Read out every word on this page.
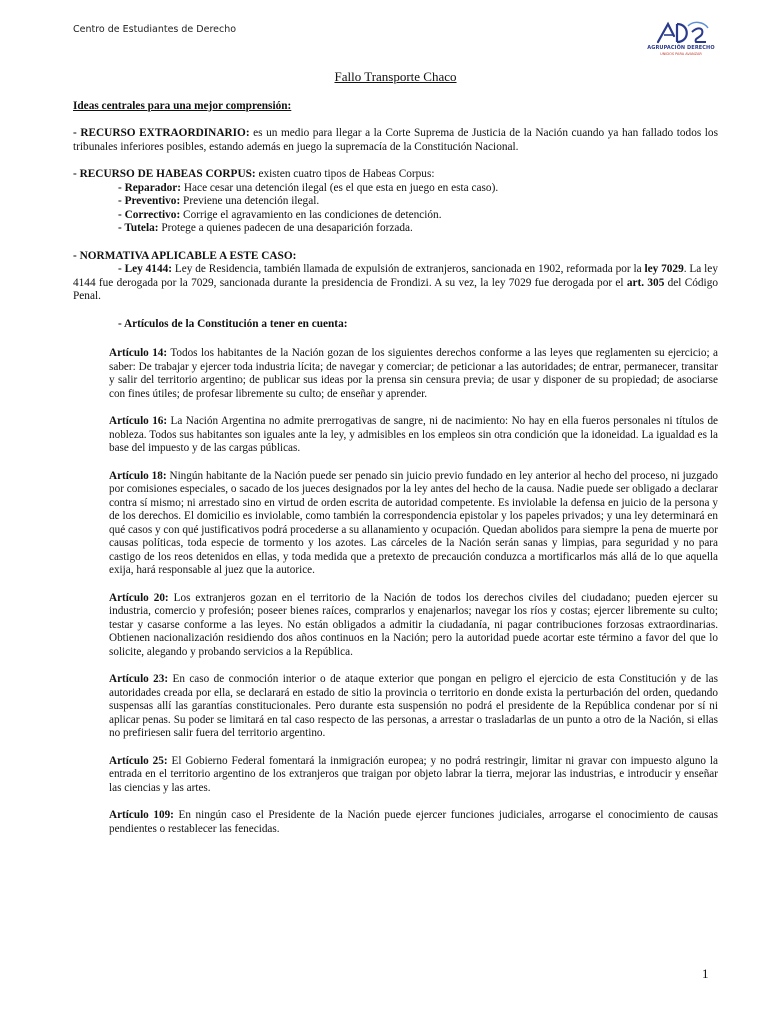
Centro de Estudiantes de Derecho
AGRUPACIÓN DERECHO
UNIDOS PARA AVANZAR
Fallo Transporte Chaco
Ideas centrales para una mejor comprensión:
- RECURSO EXTRAORDINARIO: es un medio para llegar a la Corte Suprema de Justicia de la Nación cuando ya han fallado todos los tribunales inferiores posibles, estando además en juego la supremacía de la Constitución Nacional.
- RECURSO DE HABEAS CORPUS: existen cuatro tipos de Habeas Corpus:
- Reparador: Hace cesar una detención ilegal (es el que esta en juego en esta caso).
- Preventivo: Previene una detención ilegal.
- Correctivo: Corrige el agravamiento en las condiciones de detención.
- Tutela: Protege a quienes padecen de una desaparición forzada.
- NORMATIVA APLICABLE A ESTE CASO:
- Ley 4144: Ley de Residencia, también llamada de expulsión de extranjeros, sancionada en 1902, reformada por la ley 7029. La ley 4144 fue derogada por la 7029, sancionada durante la presidencia de Frondizi. A su vez, la ley 7029 fue derogada por el art. 305 del Código Penal.
- Artículos de la Constitución a tener en cuenta:
Artículo 14: Todos los habitantes de la Nación gozan de los siguientes derechos conforme a las leyes que reglamenten su ejercicio; a saber: De trabajar y ejercer toda industria lícita; de navegar y comerciar; de peticionar a las autoridades; de entrar, permanecer, transitar y salir del territorio argentino; de publicar sus ideas por la prensa sin censura previa; de usar y disponer de su propiedad; de asociarse con fines útiles; de profesar libremente su culto; de enseñar y aprender.
Artículo 16: La Nación Argentina no admite prerrogativas de sangre, ni de nacimiento: No hay en ella fueros personales ni títulos de nobleza. Todos sus habitantes son iguales ante la ley, y admisibles en los empleos sin otra condición que la idoneidad. La igualdad es la base del impuesto y de las cargas públicas.
Artículo 18: Ningún habitante de la Nación puede ser penado sin juicio previo fundado en ley anterior al hecho del proceso, ni juzgado por comisiones especiales, o sacado de los jueces designados por la ley antes del hecho de la causa. Nadie puede ser obligado a declarar contra sí mismo; ni arrestado sino en virtud de orden escrita de autoridad competente. Es inviolable la defensa en juicio de la persona y de los derechos. El domicilio es inviolable, como también la correspondencia epistolar y los papeles privados; y una ley determinará en qué casos y con qué justificativos podrá procederse a su allanamiento y ocupación. Quedan abolidos para siempre la pena de muerte por causas políticas, toda especie de tormento y los azotes. Las cárceles de la Nación serán sanas y limpias, para seguridad y no para castigo de los reos detenidos en ellas, y toda medida que a pretexto de precaución conduzca a mortificarlos más allá de lo que aquella exija, hará responsable al juez que la autorice.
Artículo 20: Los extranjeros gozan en el territorio de la Nación de todos los derechos civiles del ciudadano; pueden ejercer su industria, comercio y profesión; poseer bienes raíces, comprarlos y enajenarlos; navegar los ríos y costas; ejercer libremente su culto; testar y casarse conforme a las leyes. No están obligados a admitir la ciudadanía, ni pagar contribuciones forzosas extraordinarias. Obtienen nacionalización residiendo dos años continuos en la Nación; pero la autoridad puede acortar este término a favor del que lo solicite, alegando y probando servicios a la República.
Artículo 23: En caso de conmoción interior o de ataque exterior que pongan en peligro el ejercicio de esta Constitución y de las autoridades creada por ella, se declarará en estado de sitio la provincia o territorio en donde exista la perturbación del orden, quedando suspensas allí las garantías constitucionales. Pero durante esta suspensión no podrá el presidente de la República condenar por sí ni aplicar penas. Su poder se limitará en tal caso respecto de las personas, a arrestar o trasladarlas de un punto a otro de la Nación, si ellas no prefiriesen salir fuera del territorio argentino.
Artículo 25: El Gobierno Federal fomentará la inmigración europea; y no podrá restringir, limitar ni gravar con impuesto alguno la entrada en el territorio argentino de los extranjeros que traigan por objeto labrar la tierra, mejorar las industrias, e introducir y enseñar las ciencias y las artes.
Artículo 109: En ningún caso el Presidente de la Nación puede ejercer funciones judiciales, arrogarse el conocimiento de causas pendientes o restablecer las fenecidas.
1
